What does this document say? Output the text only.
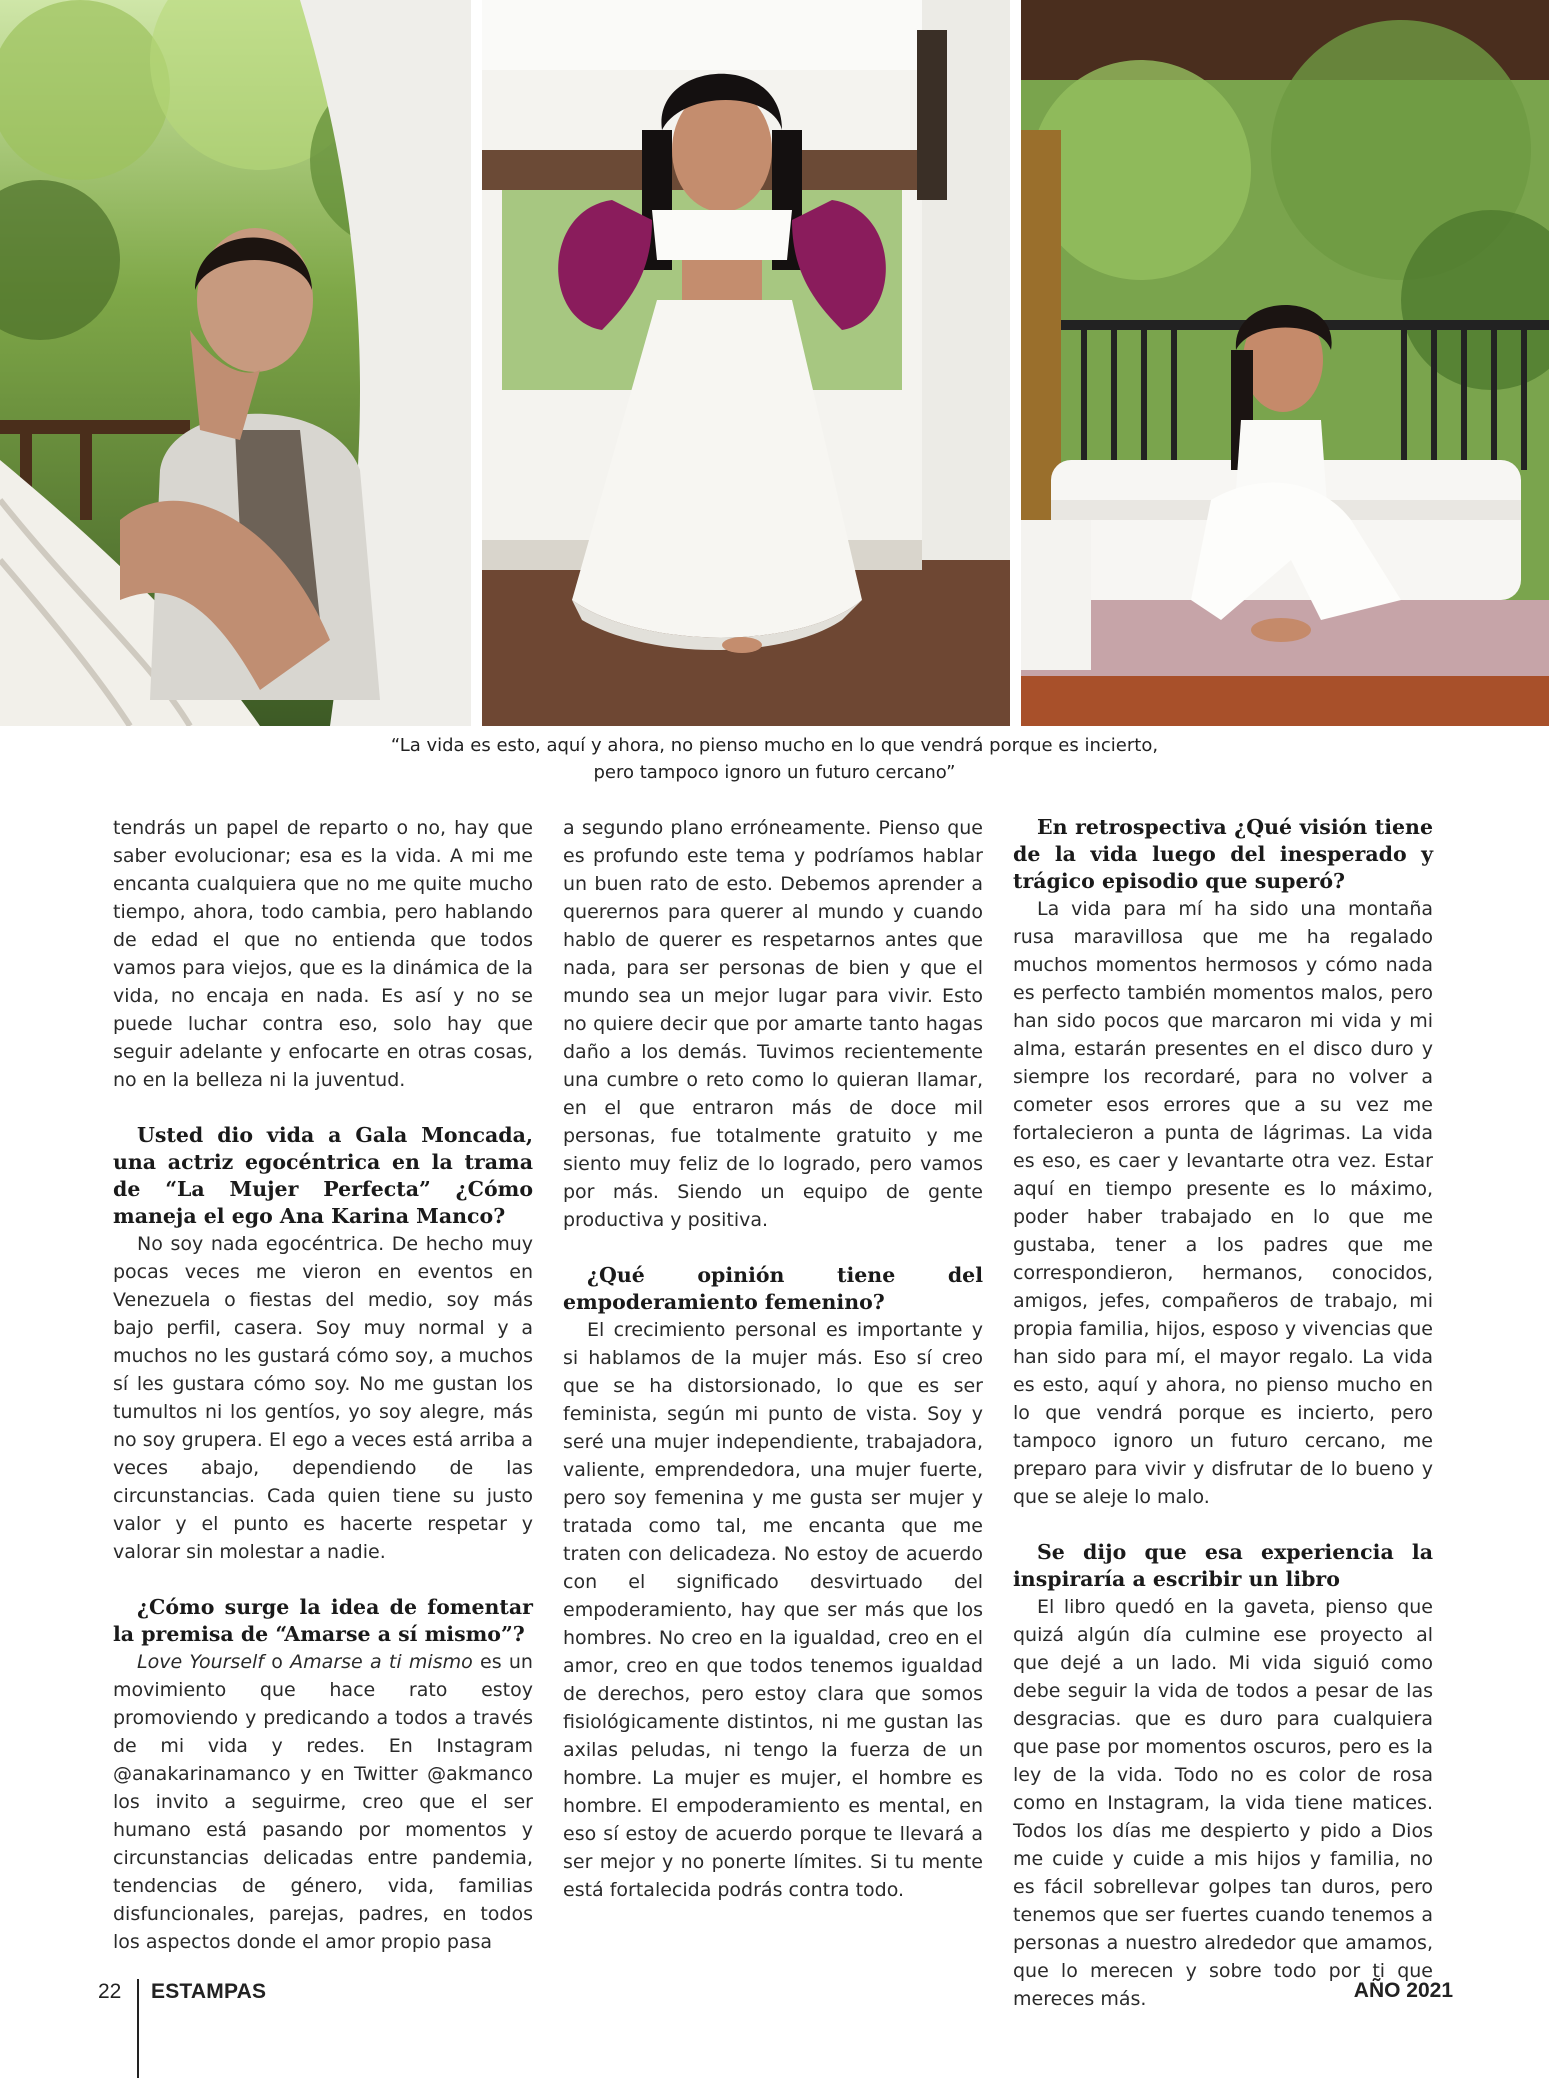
“La vida es esto, aquí y ahora, no pienso mucho en lo que vendrá porque es incierto,
pero tampoco ignoro un futuro cercano”

tendrás un papel de reparto o no, hay que saber evolucionar; esa es la vida. A mi me encanta cualquiera que no me quite mucho tiempo, ahora, todo cambia, pero hablando de edad el que no entienda que todos vamos para viejos, que es la dinámica de la vida, no encaja en nada. Es así y no se puede luchar contra eso, solo hay que seguir adelante y enfocarte en otras cosas, no en la belleza ni la juventud.

Usted dio vida a Gala Moncada, una actriz egocéntrica en la trama de “La Mujer Perfecta” ¿Cómo maneja el ego Ana Karina Manco?

No soy nada egocéntrica. De hecho muy pocas veces me vieron en eventos en Venezuela o fiestas del medio, soy más bajo perfil, casera. Soy muy normal y a muchos no les gustará cómo soy, a muchos sí les gustara cómo soy. No me gustan los tumultos ni los gentíos, yo soy alegre, más no soy grupera. El ego a veces está arriba a veces abajo, dependiendo de las circunstancias. Cada quien tiene su justo valor y el punto es hacerte respetar y valorar sin molestar a nadie.

¿Cómo surge la idea de fomentar la premisa de “Amarse a sí mismo”?

Love Yourself o Amarse a ti mismo es un movimiento que hace rato estoy promoviendo y predicando a todos a través de mi vida y redes. En Instagram @anakarinamanco y en Twitter @akmanco los invito a seguirme, creo que el ser humano está pasando por momentos y circunstancias delicadas entre pandemia, tendencias de género, vida, familias disfuncionales, parejas, padres, en todos los aspectos donde el amor propio pasa

a segundo plano erróneamente. Pienso que es profundo este tema y podríamos hablar un buen rato de esto. Debemos aprender a querernos para querer al mundo y cuando hablo de querer es respetarnos antes que nada, para ser personas de bien y que el mundo sea un mejor lugar para vivir. Esto no quiere decir que por amarte tanto hagas daño a los demás. Tuvimos recientemente una cumbre o reto como lo quieran llamar, en el que entraron más de doce mil personas, fue totalmente gratuito y me siento muy feliz de lo logrado, pero vamos por más. Siendo un equipo de gente productiva y positiva.

¿Qué opinión tiene del empoderamiento femenino?

El crecimiento personal es importante y si hablamos de la mujer más. Eso sí creo que se ha distorsionado, lo que es ser feminista, según mi punto de vista. Soy y seré una mujer independiente, trabajadora, valiente, emprendedora, una mujer fuerte, pero soy femenina y me gusta ser mujer y tratada como tal, me encanta que me traten con delicadeza. No estoy de acuerdo con el significado desvirtuado del empoderamiento, hay que ser más que los hombres. No creo en la igualdad, creo en el amor, creo en que todos tenemos igualdad de derechos, pero estoy clara que somos fisiológicamente distintos, ni me gustan las axilas peludas, ni tengo la fuerza de un hombre. La mujer es mujer, el hombre es hombre. El empoderamiento es mental, en eso sí estoy de acuerdo porque te llevará a ser mejor y no ponerte límites. Si tu mente está fortalecida podrás contra todo.

En retrospectiva ¿Qué visión tiene de la vida luego del inesperado y trágico episodio que superó?

La vida para mí ha sido una montaña rusa maravillosa que me ha regalado muchos momentos hermosos y cómo nada es perfecto también momentos malos, pero han sido pocos que marcaron mi vida y mi alma, estarán presentes en el disco duro y siempre los recordaré, para no volver a cometer esos errores que a su vez me fortalecieron a punta de lágrimas. La vida es eso, es caer y levantarte otra vez. Estar aquí en tiempo presente es lo máximo, poder haber trabajado en lo que me gustaba, tener a los padres que me correspondieron, hermanos, conocidos, amigos, jefes, compañeros de trabajo, mi propia familia, hijos, esposo y vivencias que han sido para mí, el mayor regalo. La vida es esto, aquí y ahora, no pienso mucho en lo que vendrá porque es incierto, pero tampoco ignoro un futuro cercano, me preparo para vivir y disfrutar de lo bueno y que se aleje lo malo.

Se dijo que esa experiencia la inspiraría a escribir un libro

El libro quedó en la gaveta, pienso que quizá algún día culmine ese proyecto al que dejé a un lado. Mi vida siguió como debe seguir la vida de todos a pesar de las desgracias. que es duro para cualquiera que pase por momentos oscuros, pero es la ley de la vida. Todo no es color de rosa como en Instagram, la vida tiene matices. Todos los días me despierto y pido a Dios me cuide y cuide a mis hijos y familia, no es fácil sobrellevar golpes tan duros, pero tenemos que ser fuertes cuando tenemos a personas a nuestro alrededor que amamos, que lo merecen y sobre todo por ti que mereces más.

22 ESTAMPAS	AÑO 2021
